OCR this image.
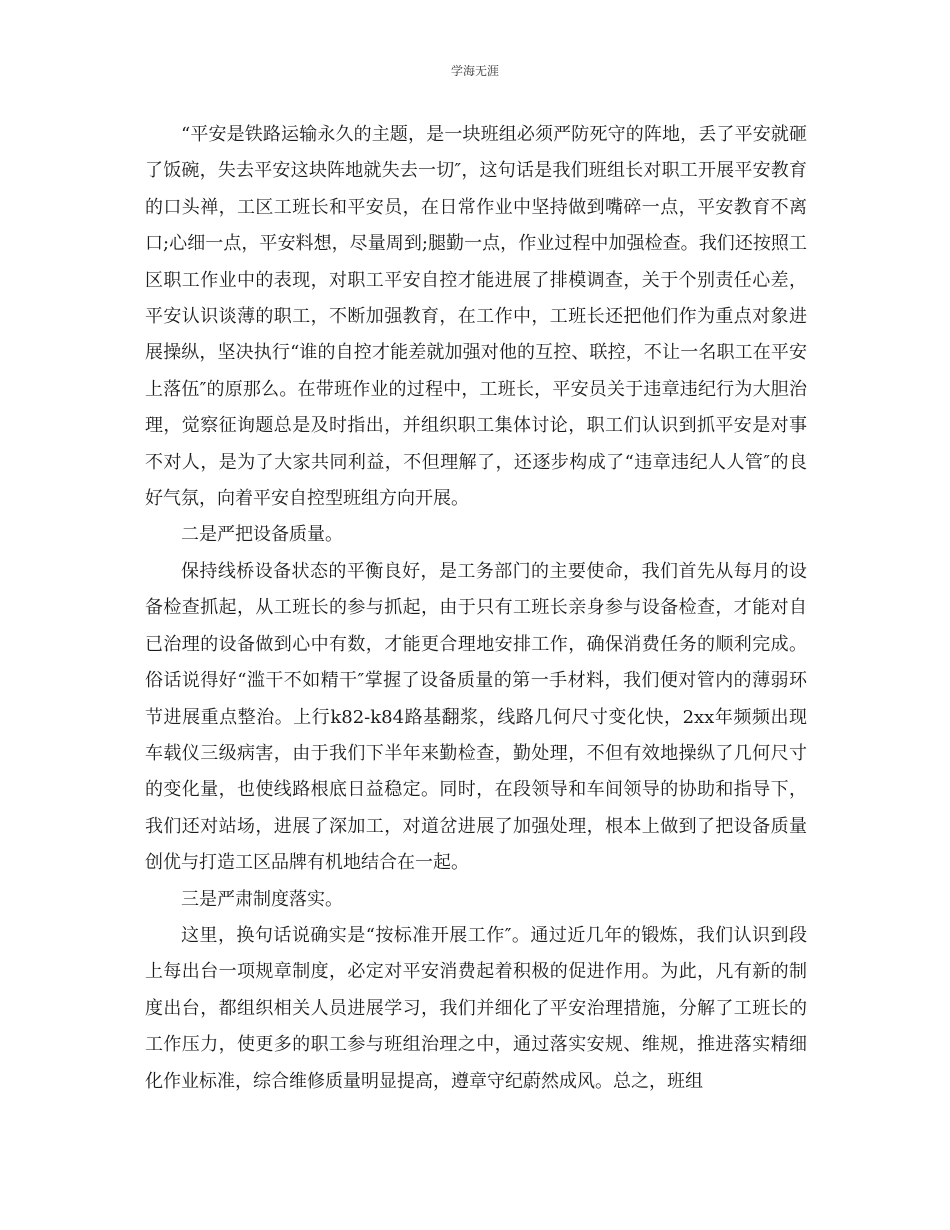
学海无涯

“平安是铁路运输永久的主题，是一块班组必须严防死守的阵地，丢了平安就砸了饭碗，失去平安这块阵地就失去一切″，这句话是我们班组长对职工开展平安教育的口头禅，工区工班长和平安员，在日常作业中坚持做到嘴碎一点，平安教育不离口;心细一点，平安料想，尽量周到;腿勤一点，作业过程中加强检查。我们还按照工区职工作业中的表现，对职工平安自控才能进展了排模调查，关于个别责任心差，平安认识谈薄的职工，不断加强教育，在工作中，工班长还把他们作为重点对象进展操纵，坚决执行“谁的自控才能差就加强对他的互控、联控，不让一名职工在平安上落伍″的原那么。在带班作业的过程中，工班长，平安员关于违章违纪行为大胆治理，觉察征询题总是及时指出，并组织职工集体讨论，职工们认识到抓平安是对事不对人，是为了大家共同利益，不但理解了，还逐步构成了“违章违纪人人管″的良好气氛，向着平安自控型班组方向开展。

二是严把设备质量。

保持线桥设备状态的平衡良好，是工务部门的主要使命，我们首先从每月的设备检查抓起，从工班长的参与抓起，由于只有工班长亲身参与设备检查，才能对自已治理的设备做到心中有数，才能更合理地安排工作，确保消费任务的顺利完成。俗话说得好“滥干不如精干″掌握了设备质量的第一手材料，我们便对管内的薄弱环节进展重点整治。上行k82-k84路基翻浆，线路几何尺寸变化快，2xx年频频出现车载仪三级病害，由于我们下半年来勤检查，勤处理，不但有效地操纵了几何尺寸的变化量，也使线路根底日益稳定。同时，在段领导和车间领导的协助和指导下，我们还对站场，进展了深加工，对道岔进展了加强处理，根本上做到了把设备质量创优与打造工区品牌有机地结合在一起。

三是严肃制度落实。

这里，换句话说确实是“按标准开展工作″。通过近几年的锻炼，我们认识到段上每出台一项规章制度，必定对平安消费起着积极的促进作用。为此，凡有新的制度出台，都组织相关人员进展学习，我们并细化了平安治理措施，分解了工班长的工作压力，使更多的职工参与班组治理之中，通过落实安规、维规，推进落实精细化作业标准，综合维修质量明显提高，遵章守纪蔚然成风。总之，班组
